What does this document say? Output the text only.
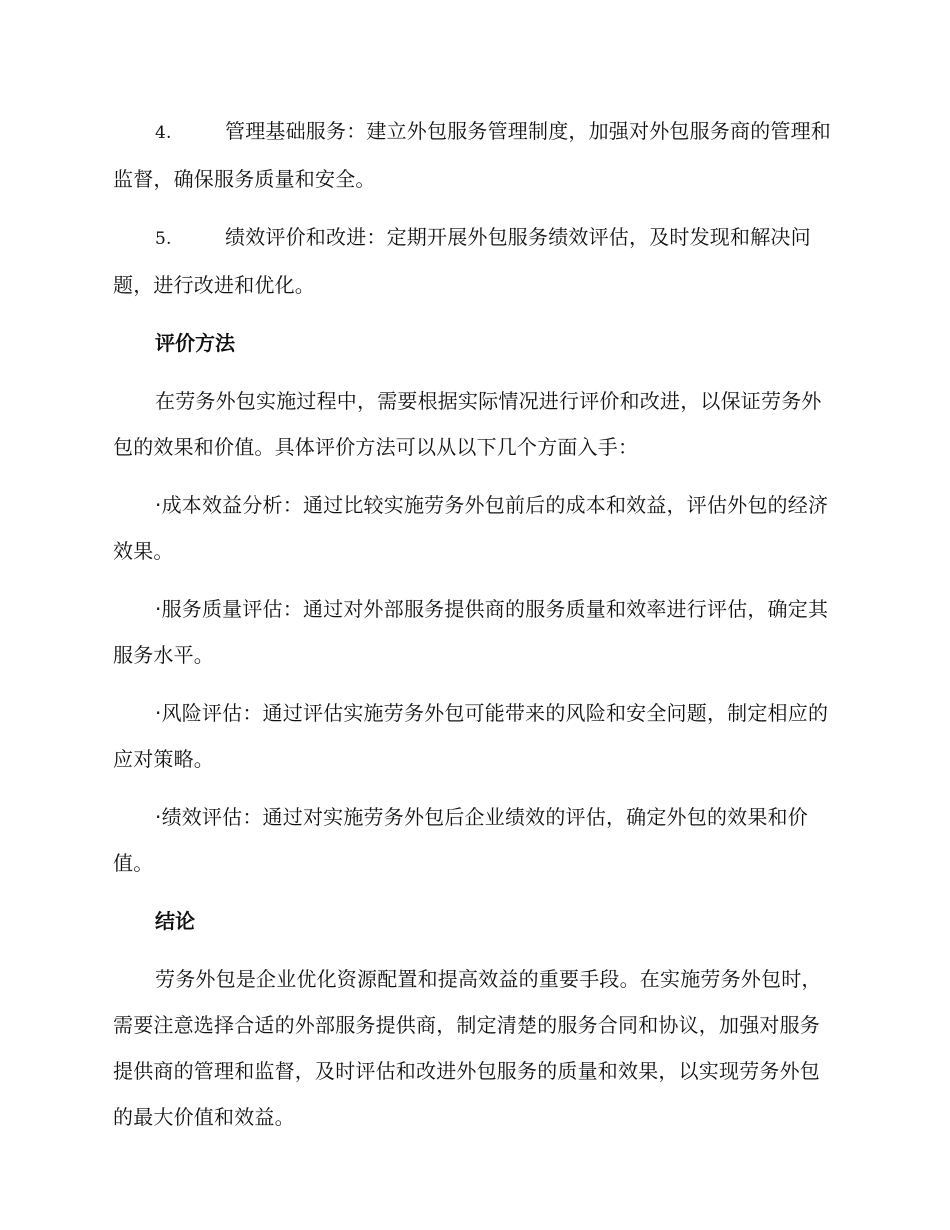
4.	管理基础服务：建立外包服务管理制度，加强对外包服务商的管理和监督，确保服务质量和安全。

5.	绩效评价和改进：定期开展外包服务绩效评估，及时发现和解决问题，进行改进和优化。

评价方法

在劳务外包实施过程中，需要根据实际情况进行评价和改进，以保证劳务外包的效果和价值。具体评价方法可以从以下几个方面入手：

·成本效益分析：通过比较实施劳务外包前后的成本和效益，评估外包的经济效果。

·服务质量评估：通过对外部服务提供商的服务质量和效率进行评估，确定其服务水平。

·风险评估：通过评估实施劳务外包可能带来的风险和安全问题，制定相应的应对策略。

·绩效评估：通过对实施劳务外包后企业绩效的评估，确定外包的效果和价值。

结论

劳务外包是企业优化资源配置和提高效益的重要手段。在实施劳务外包时，需要注意选择合适的外部服务提供商，制定清楚的服务合同和协议，加强对服务提供商的管理和监督，及时评估和改进外包服务的质量和效果，以实现劳务外包的最大价值和效益。
